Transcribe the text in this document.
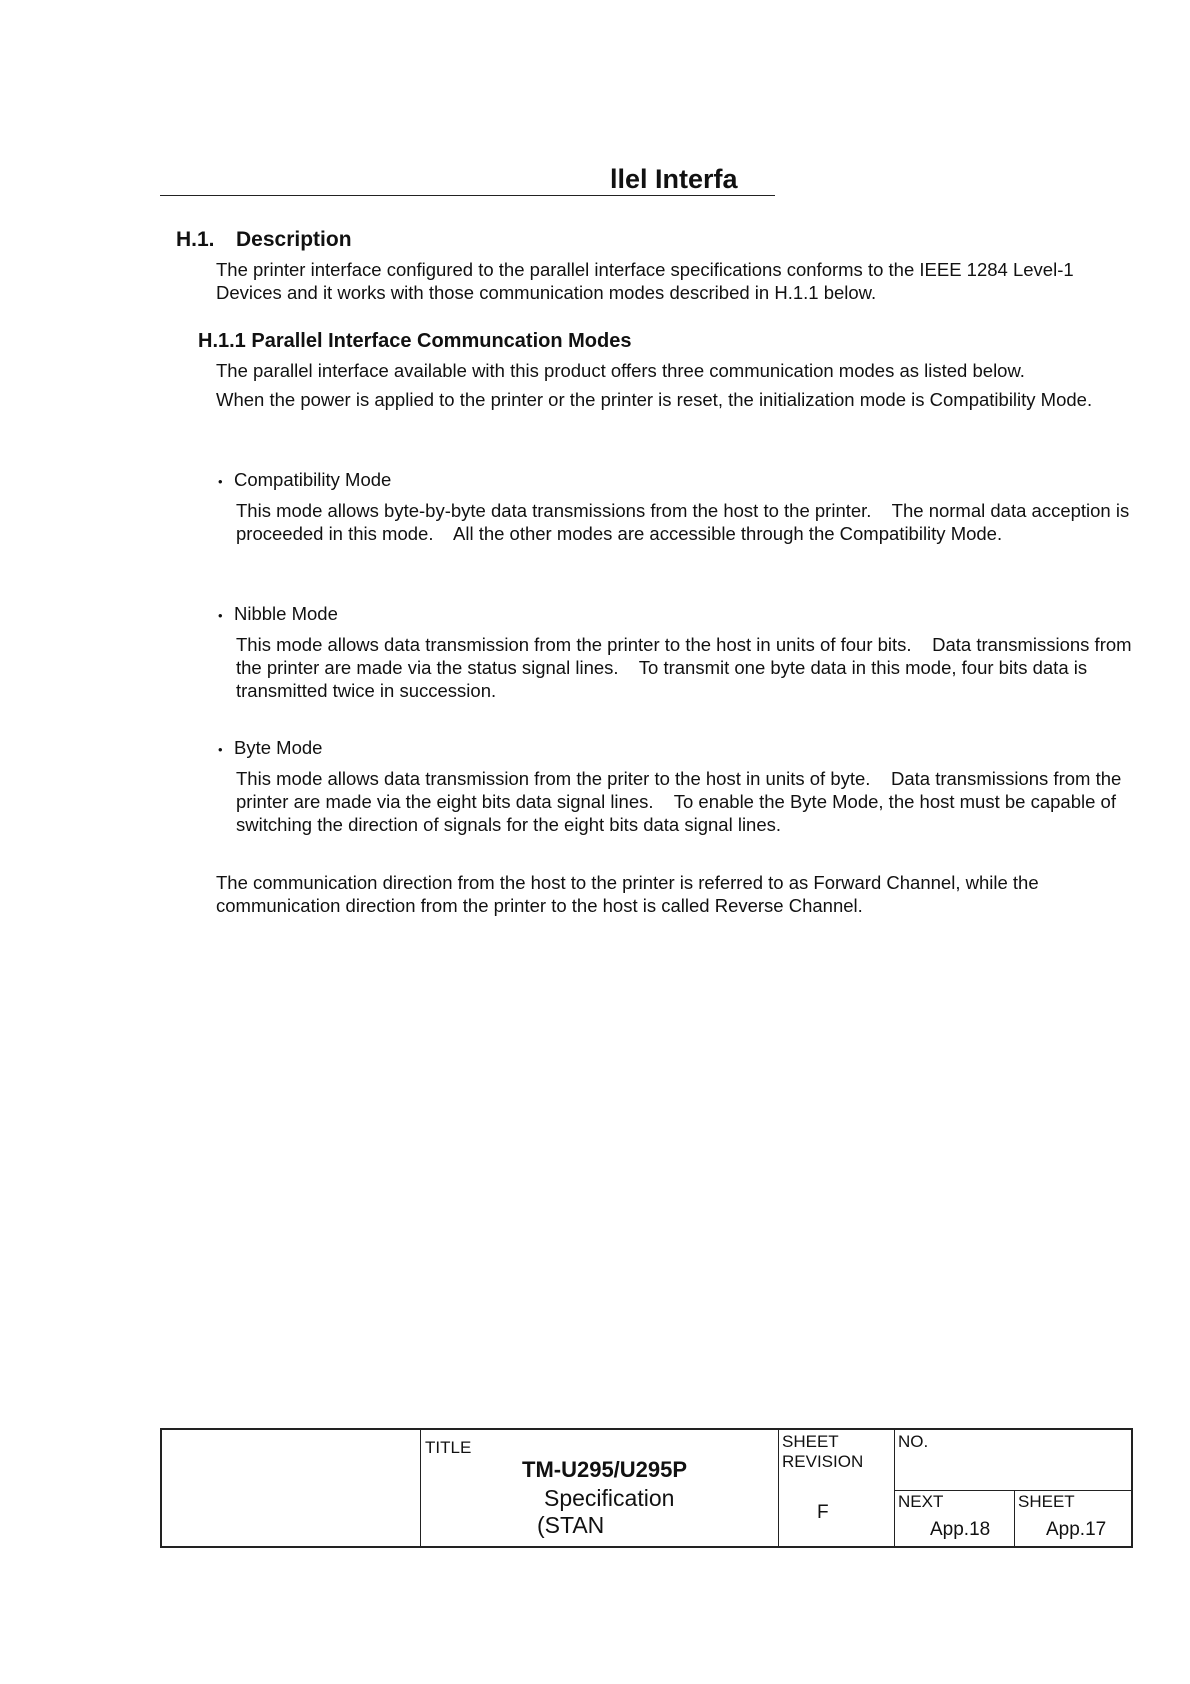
llel Interfa
H.1. Description
The printer interface configured to the parallel interface specifications conforms to the IEEE 1284 Level-1 Devices and it works with those communication modes described in H.1.1 below.
H.1.1 Parallel Interface Communcation Modes
The parallel interface available with this product offers three communication modes as listed below.
When the power is applied to the printer or the printer is reset, the initialization mode is Compatibility Mode.
• Compatibility Mode
This mode allows byte-by-byte data transmissions from the host to the printer.    The normal data acception is proceeded in this mode.    All the other modes are accessible through the Compatibility Mode.
• Nibble Mode
This mode allows data transmission from the printer to the host in units of four bits.    Data transmissions from the printer are made via the status signal lines.    To transmit one byte data in this mode, four bits data is transmitted twice in succession.
• Byte Mode
This mode allows data transmission from the priter to the host in units of byte.    Data transmissions from the printer are made via the eight bits data signal lines.    To enable the Byte Mode, the host must be capable of switching the direction of signals for the eight bits data signal lines.
The communication direction from the host to the printer is referred to as Forward Channel, while the communication direction from the printer to the host is called Reverse Channel.
TITLE
TM-U295/U295P
Specification
(STAN
SHEET
REVISION
F
NO.
NEXT
App.18
SHEET
App.17
